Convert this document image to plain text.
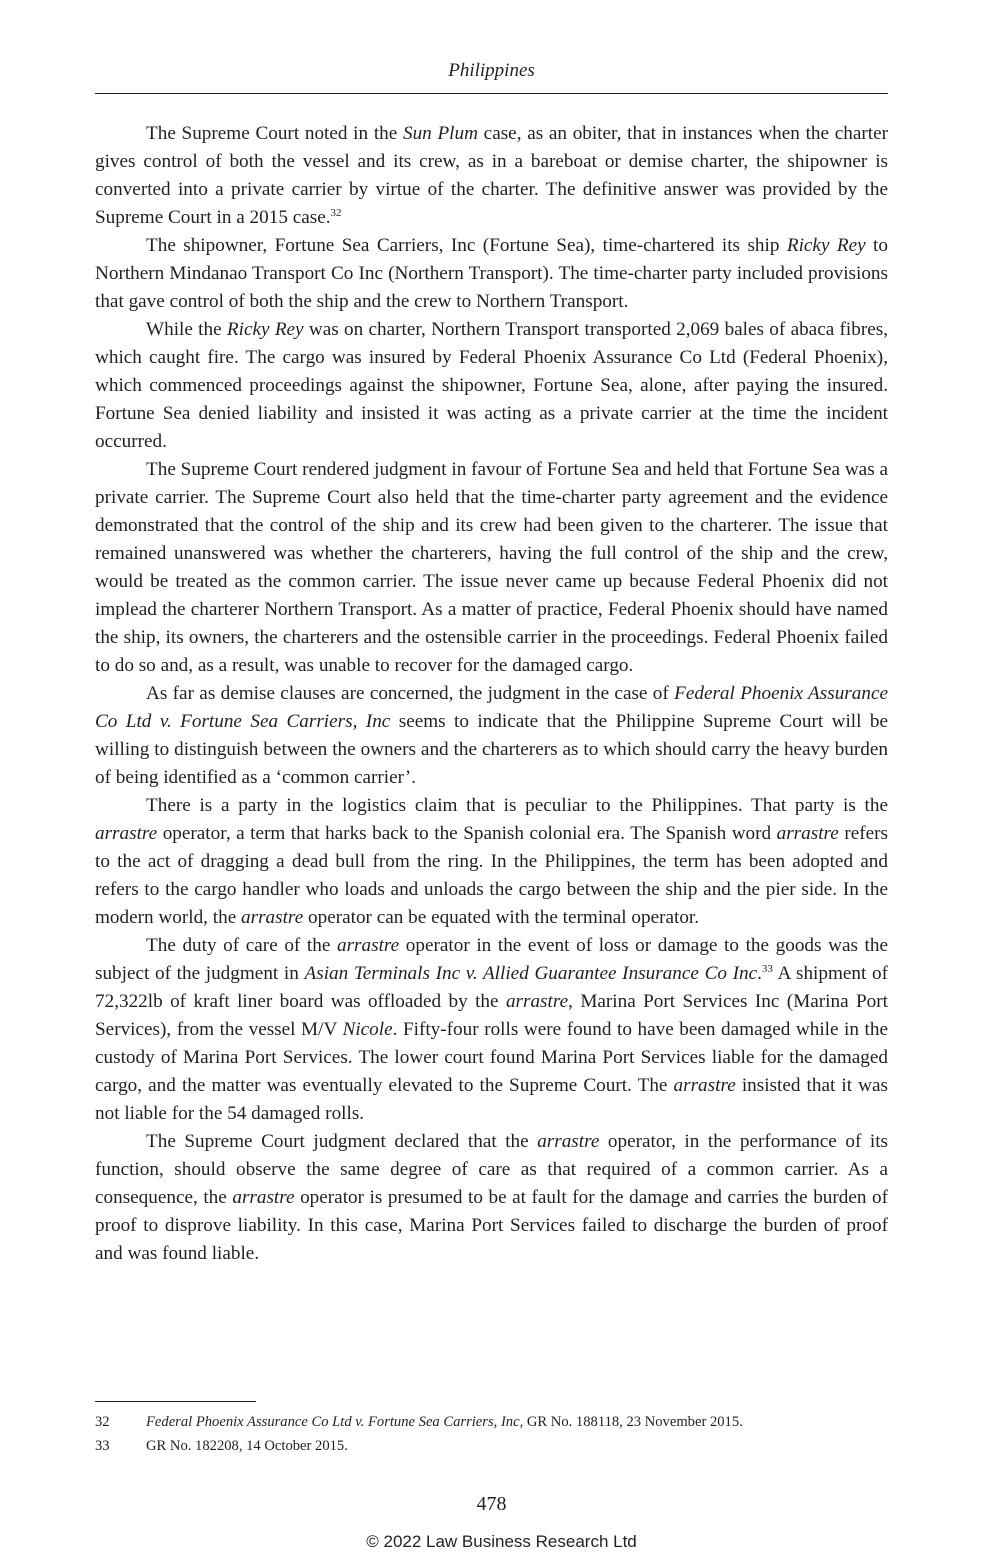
Philippines

The Supreme Court noted in the Sun Plum case, as an obiter, that in instances when the charter gives control of both the vessel and its crew, as in a bareboat or demise charter, the shipowner is converted into a private carrier by virtue of the charter. The definitive answer was provided by the Supreme Court in a 2015 case.$^{32}$

The shipowner, Fortune Sea Carriers, Inc (Fortune Sea), time-chartered its ship Ricky Rey to Northern Mindanao Transport Co Inc (Northern Transport). The time-charter party included provisions that gave control of both the ship and the crew to Northern Transport.

While the Ricky Rey was on charter, Northern Transport transported 2,069 bales of abaca fibres, which caught fire. The cargo was insured by Federal Phoenix Assurance Co Ltd (Federal Phoenix), which commenced proceedings against the shipowner, Fortune Sea, alone, after paying the insured. Fortune Sea denied liability and insisted it was acting as a private carrier at the time the incident occurred.

The Supreme Court rendered judgment in favour of Fortune Sea and held that Fortune Sea was a private carrier. The Supreme Court also held that the time-charter party agreement and the evidence demonstrated that the control of the ship and its crew had been given to the charterer. The issue that remained unanswered was whether the charterers, having the full control of the ship and the crew, would be treated as the common carrier. The issue never came up because Federal Phoenix did not implead the charterer Northern Transport. As a matter of practice, Federal Phoenix should have named the ship, its owners, the charterers and the ostensible carrier in the proceedings. Federal Phoenix failed to do so and, as a result, was unable to recover for the damaged cargo.

As far as demise clauses are concerned, the judgment in the case of Federal Phoenix Assurance Co Ltd v. Fortune Sea Carriers, Inc seems to indicate that the Philippine Supreme Court will be willing to distinguish between the owners and the charterers as to which should carry the heavy burden of being identified as a ‘common carrier’.

There is a party in the logistics claim that is peculiar to the Philippines. That party is the arrastre operator, a term that harks back to the Spanish colonial era. The Spanish word arrastre refers to the act of dragging a dead bull from the ring. In the Philippines, the term has been adopted and refers to the cargo handler who loads and unloads the cargo between the ship and the pier side. In the modern world, the arrastre operator can be equated with the terminal operator.

The duty of care of the arrastre operator in the event of loss or damage to the goods was the subject of the judgment in Asian Terminals Inc v. Allied Guarantee Insurance Co Inc.$^{33}$ A shipment of 72,322lb of kraft liner board was offloaded by the arrastre, Marina Port Services Inc (Marina Port Services), from the vessel M/V Nicole. Fifty-four rolls were found to have been damaged while in the custody of Marina Port Services. The lower court found Marina Port Services liable for the damaged cargo, and the matter was eventually elevated to the Supreme Court. The arrastre insisted that it was not liable for the 54 damaged rolls.

The Supreme Court judgment declared that the arrastre operator, in the performance of its function, should observe the same degree of care as that required of a common carrier. As a consequence, the arrastre operator is presumed to be at fault for the damage and carries the burden of proof to disprove liability. In this case, Marina Port Services failed to discharge the burden of proof and was found liable.

32	Federal Phoenix Assurance Co Ltd v. Fortune Sea Carriers, Inc, GR No. 188118, 23 November 2015.
33	GR No. 182208, 14 October 2015.
478
© 2022 Law Business Research Ltd
